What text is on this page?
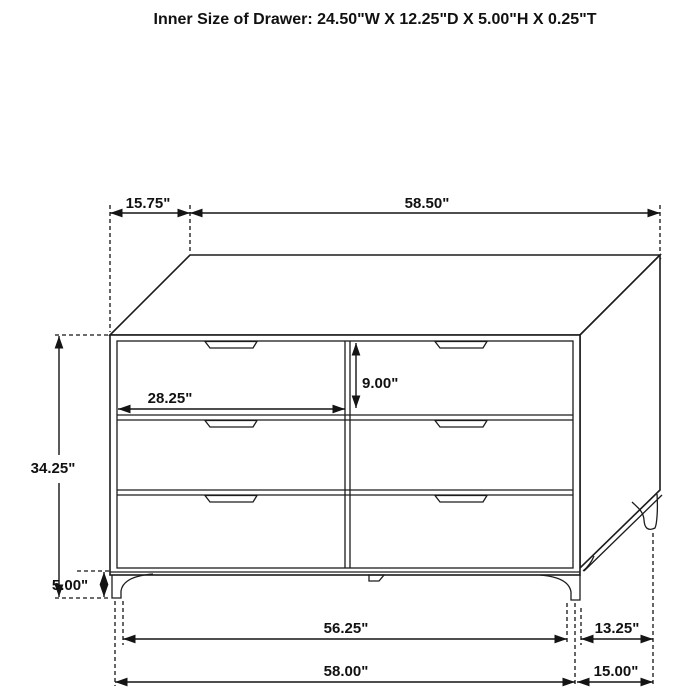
Inner Size of Drawer: 24.50"W X 12.25"D X 5.00"H X 0.25"T
15.75"	58.50"
28.25"
9.00"
34.25"
5.00"
56.25"	13.25"
58.00"	15.00"
